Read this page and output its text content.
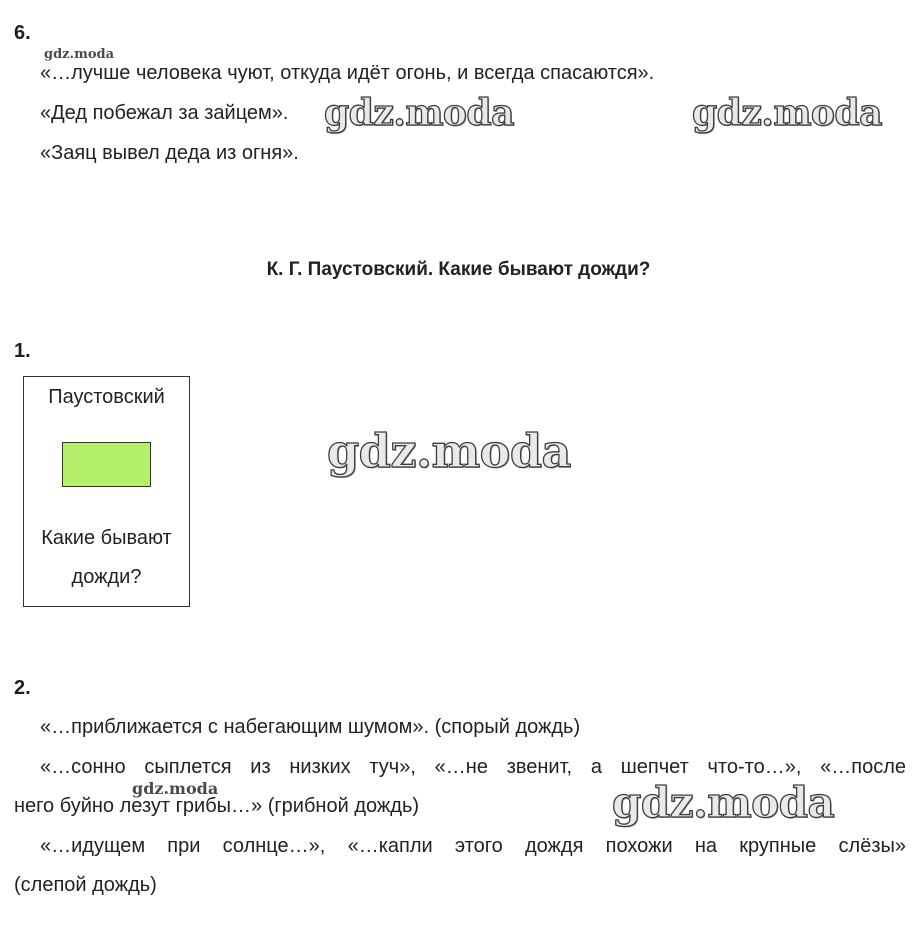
6.
gdz.moda
«…лучше человека чуют, откуда идёт огонь, и всегда спасаются».
«Дед побежал за зайцем».
«Заяц вывел деда из огня».
gdz.moda	gdz.moda
К. Г. Паустовский. Какие бывают дожди?
1.
Паустовский
Какие бывают
дожди?
gdz.moda
2.
«…приближается с набегающим шумом». (спорый дождь)
«…сонно сыплется из низких туч», «…не звенит, а шепчет что-то…», «…после
него буйно лезут грибы…» (грибной дождь)
gdz.moda	gdz.moda
«…идущем при солнце…», «…капли этого дождя похожи на крупные слёзы»
(слепой дождь)
